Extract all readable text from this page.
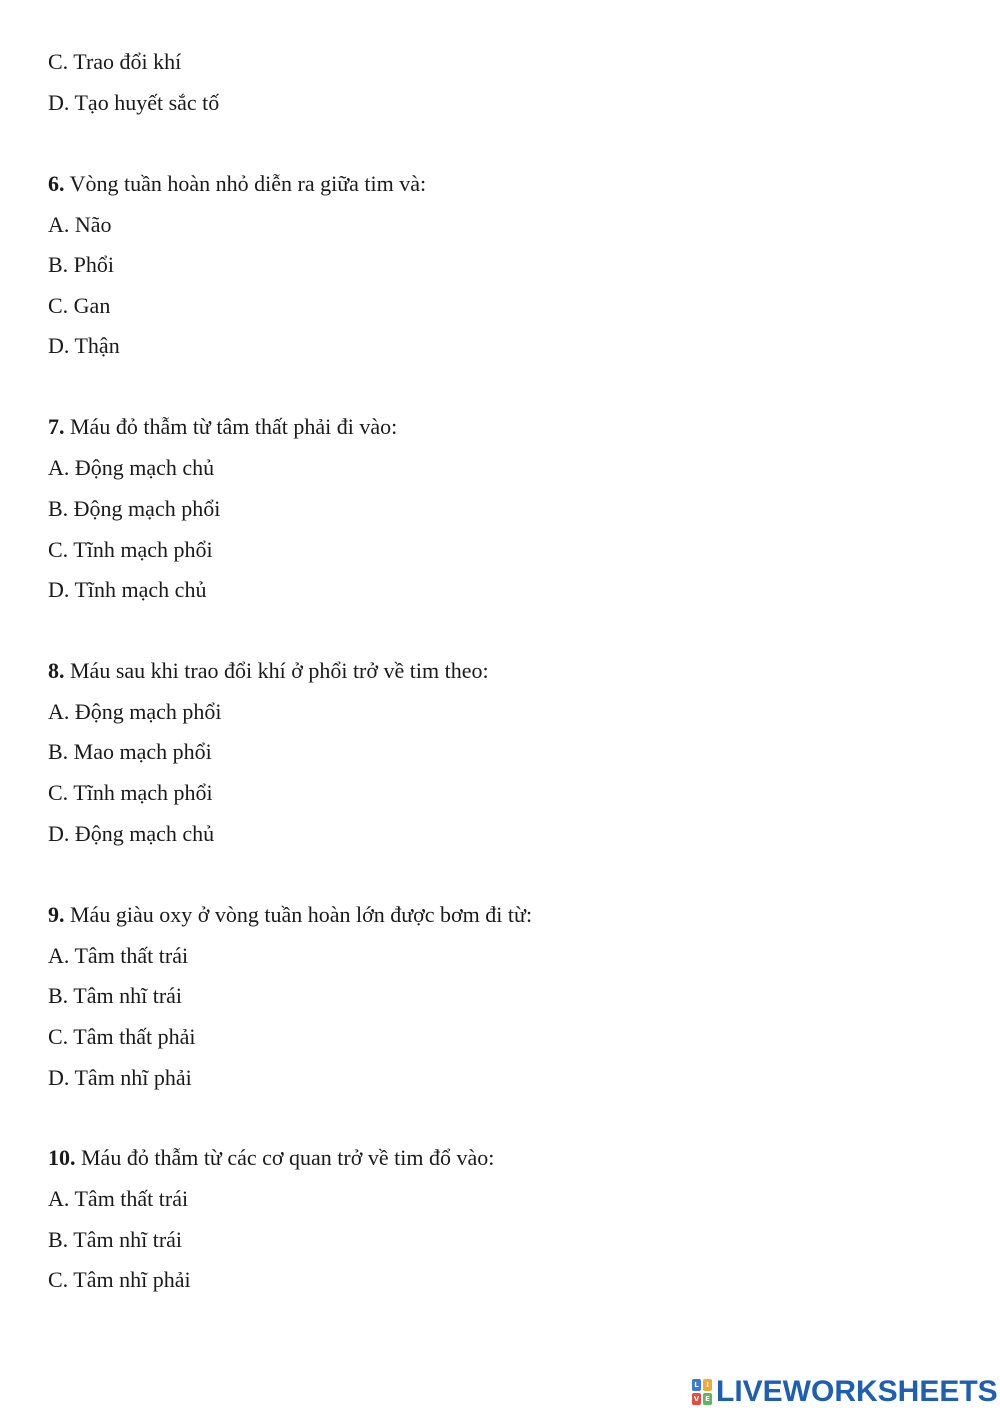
C. Trao đổi khí
D. Tạo huyết sắc tố
6. Vòng tuần hoàn nhỏ diễn ra giữa tim và:
A. Não
B. Phổi
C. Gan
D. Thận
7. Máu đỏ thẫm từ tâm thất phải đi vào:
A. Động mạch chủ
B. Động mạch phổi
C. Tĩnh mạch phổi
D. Tĩnh mạch chủ
8. Máu sau khi trao đổi khí ở phổi trở về tim theo:
A. Động mạch phổi
B. Mao mạch phổi
C. Tĩnh mạch phổi
D. Động mạch chủ
9. Máu giàu oxy ở vòng tuần hoàn lớn được bơm đi từ:
A. Tâm thất trái
B. Tâm nhĩ trái
C. Tâm thất phải
D. Tâm nhĩ phải
10. Máu đỏ thẫm từ các cơ quan trở về tim đổ vào:
A. Tâm thất trái
B. Tâm nhĩ trái
C. Tâm nhĩ phải
L	I
V E LIVEWORKSHEETS
